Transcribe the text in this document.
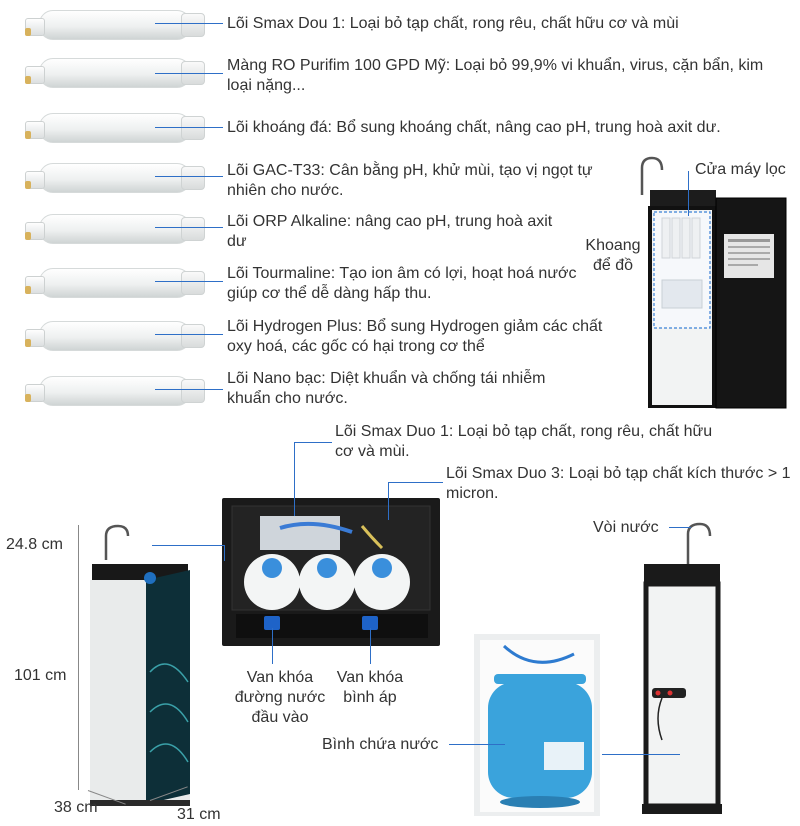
Lõi Smax Dou 1: Loại bỏ tạp chất, rong rêu, chất hữu cơ và mùi
Màng RO Purifim 100 GPD Mỹ: Loại bỏ 99,9% vi khuẩn, virus, cặn bẩn, kim loại nặng...
Lõi khoáng đá: Bổ sung khoáng chất, nâng cao pH, trung hoà axit dư.
Lõi GAC-T33: Cân bằng pH, khử mùi, tạo vị ngọt tự nhiên cho nước.
Lõi ORP Alkaline: nâng cao pH, trung hoà axit dư
Lõi Tourmaline: Tạo ion âm có lợi, hoạt hoá nước giúp cơ thể dễ dàng hấp thu.
Lõi Hydrogen Plus: Bổ sung Hydrogen giảm các chất oxy hoá, các gốc có hại trong cơ thể
Lõi Nano bạc: Diệt khuẩn và chống tái nhiễm khuẩn cho nước.
Cửa máy lọc
Khoang để đồ
Lõi Smax Duo 1: Loại bỏ tạp chất, rong rêu, chất hữu cơ và mùi.
Lõi Smax Duo 3: Loại bỏ tạp chất kích thước > 1 micron.
Van khóa đường nước đầu vào
Van khóa bình áp
24.8 cm
101 cm
38 cm	31 cm
Bình chứa nước
Vòi nước
